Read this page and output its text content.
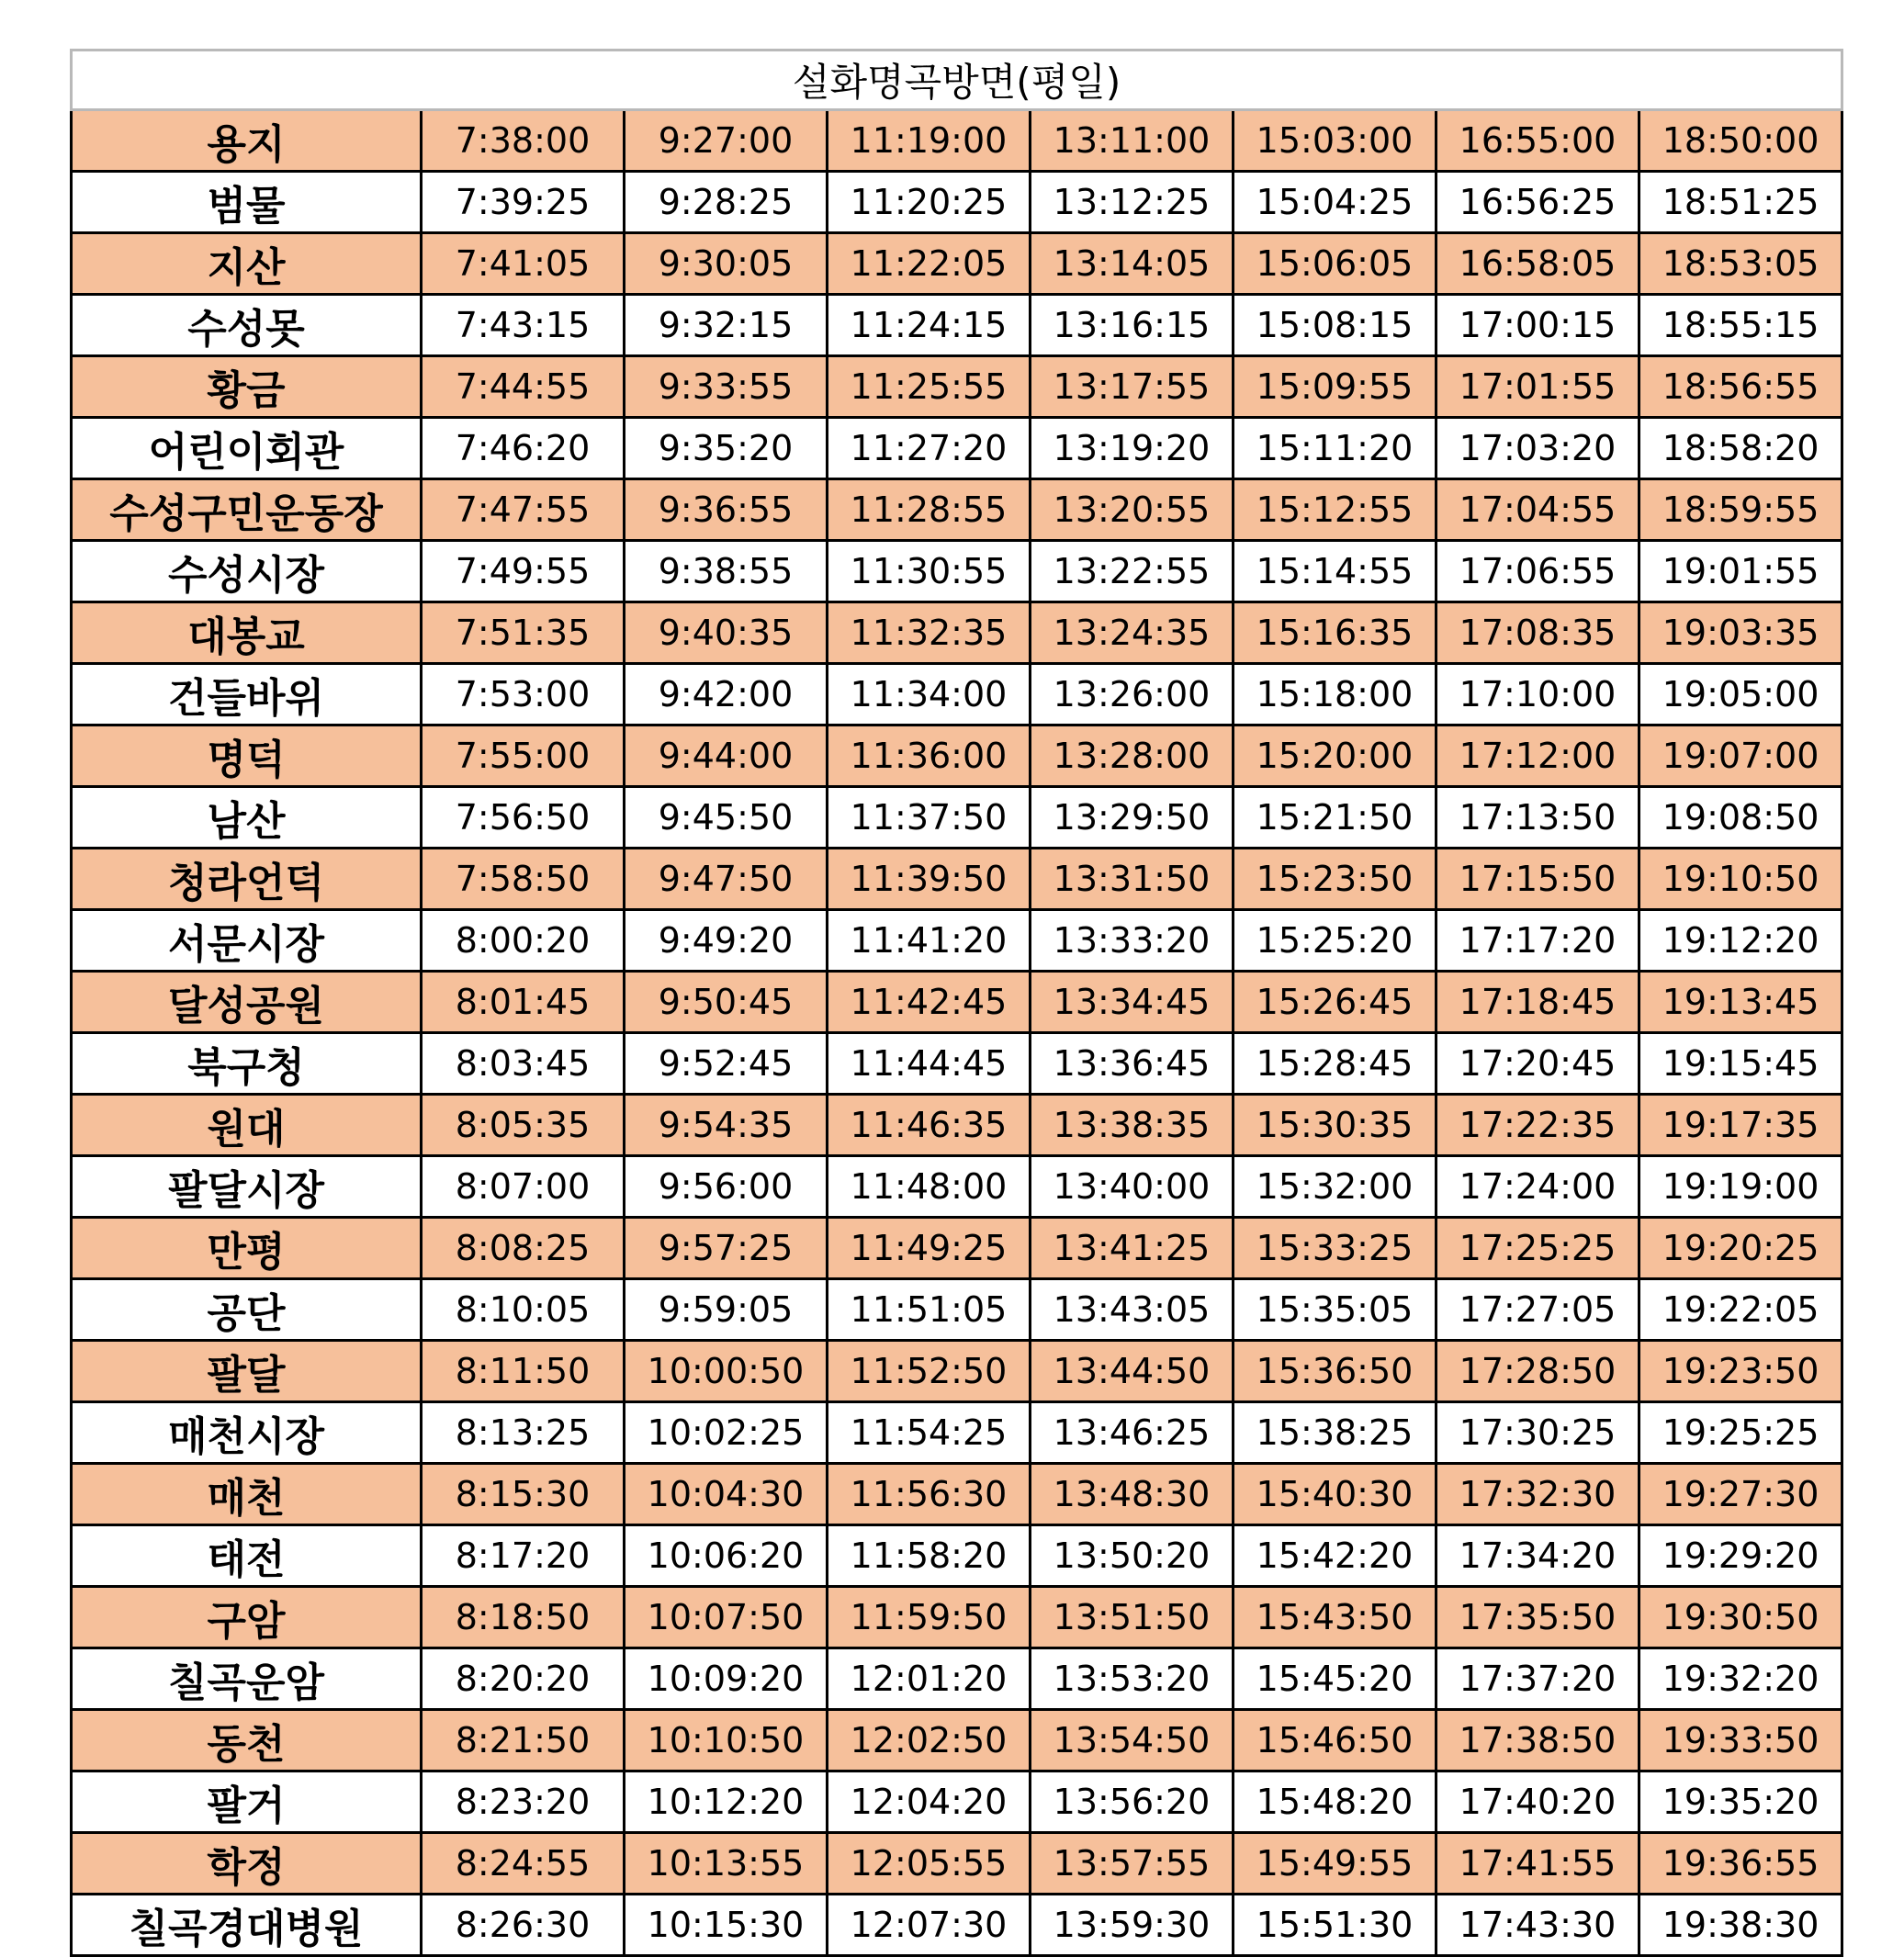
설화명곡방면(평일)							
용지	7:38:00	9:27:00	11:19:00	13:11:00	15:03:00	16:55:00	18:50:00
범물	7:39:25	9:28:25	11:20:25	13:12:25	15:04:25	16:56:25	18:51:25
지산	7:41:05	9:30:05	11:22:05	13:14:05	15:06:05	16:58:05	18:53:05
수성못	7:43:15	9:32:15	11:24:15	13:16:15	15:08:15	17:00:15	18:55:15
황금	7:44:55	9:33:55	11:25:55	13:17:55	15:09:55	17:01:55	18:56:55
어린이회관	7:46:20	9:35:20	11:27:20	13:19:20	15:11:20	17:03:20	18:58:20
수성구민운동장	7:47:55	9:36:55	11:28:55	13:20:55	15:12:55	17:04:55	18:59:55
수성시장	7:49:55	9:38:55	11:30:55	13:22:55	15:14:55	17:06:55	19:01:55
대봉교	7:51:35	9:40:35	11:32:35	13:24:35	15:16:35	17:08:35	19:03:35
건들바위	7:53:00	9:42:00	11:34:00	13:26:00	15:18:00	17:10:00	19:05:00
명덕	7:55:00	9:44:00	11:36:00	13:28:00	15:20:00	17:12:00	19:07:00
남산	7:56:50	9:45:50	11:37:50	13:29:50	15:21:50	17:13:50	19:08:50
청라언덕	7:58:50	9:47:50	11:39:50	13:31:50	15:23:50	17:15:50	19:10:50
서문시장	8:00:20	9:49:20	11:41:20	13:33:20	15:25:20	17:17:20	19:12:20
달성공원	8:01:45	9:50:45	11:42:45	13:34:45	15:26:45	17:18:45	19:13:45
북구청	8:03:45	9:52:45	11:44:45	13:36:45	15:28:45	17:20:45	19:15:45
원대	8:05:35	9:54:35	11:46:35	13:38:35	15:30:35	17:22:35	19:17:35
팔달시장	8:07:00	9:56:00	11:48:00	13:40:00	15:32:00	17:24:00	19:19:00
만평	8:08:25	9:57:25	11:49:25	13:41:25	15:33:25	17:25:25	19:20:25
공단	8:10:05	9:59:05	11:51:05	13:43:05	15:35:05	17:27:05	19:22:05
팔달	8:11:50	10:00:50	11:52:50	13:44:50	15:36:50	17:28:50	19:23:50
매천시장	8:13:25	10:02:25	11:54:25	13:46:25	15:38:25	17:30:25	19:25:25
매천	8:15:30	10:04:30	11:56:30	13:48:30	15:40:30	17:32:30	19:27:30
태전	8:17:20	10:06:20	11:58:20	13:50:20	15:42:20	17:34:20	19:29:20
구암	8:18:50	10:07:50	11:59:50	13:51:50	15:43:50	17:35:50	19:30:50
칠곡운암	8:20:20	10:09:20	12:01:20	13:53:20	15:45:20	17:37:20	19:32:20
동천	8:21:50	10:10:50	12:02:50	13:54:50	15:46:50	17:38:50	19:33:50
팔거	8:23:20	10:12:20	12:04:20	13:56:20	15:48:20	17:40:20	19:35:20
학정	8:24:55	10:13:55	12:05:55	13:57:55	15:49:55	17:41:55	19:36:55
칠곡경대병원	8:26:30	10:15:30	12:07:30	13:59:30	15:51:30	17:43:30	19:38:30
